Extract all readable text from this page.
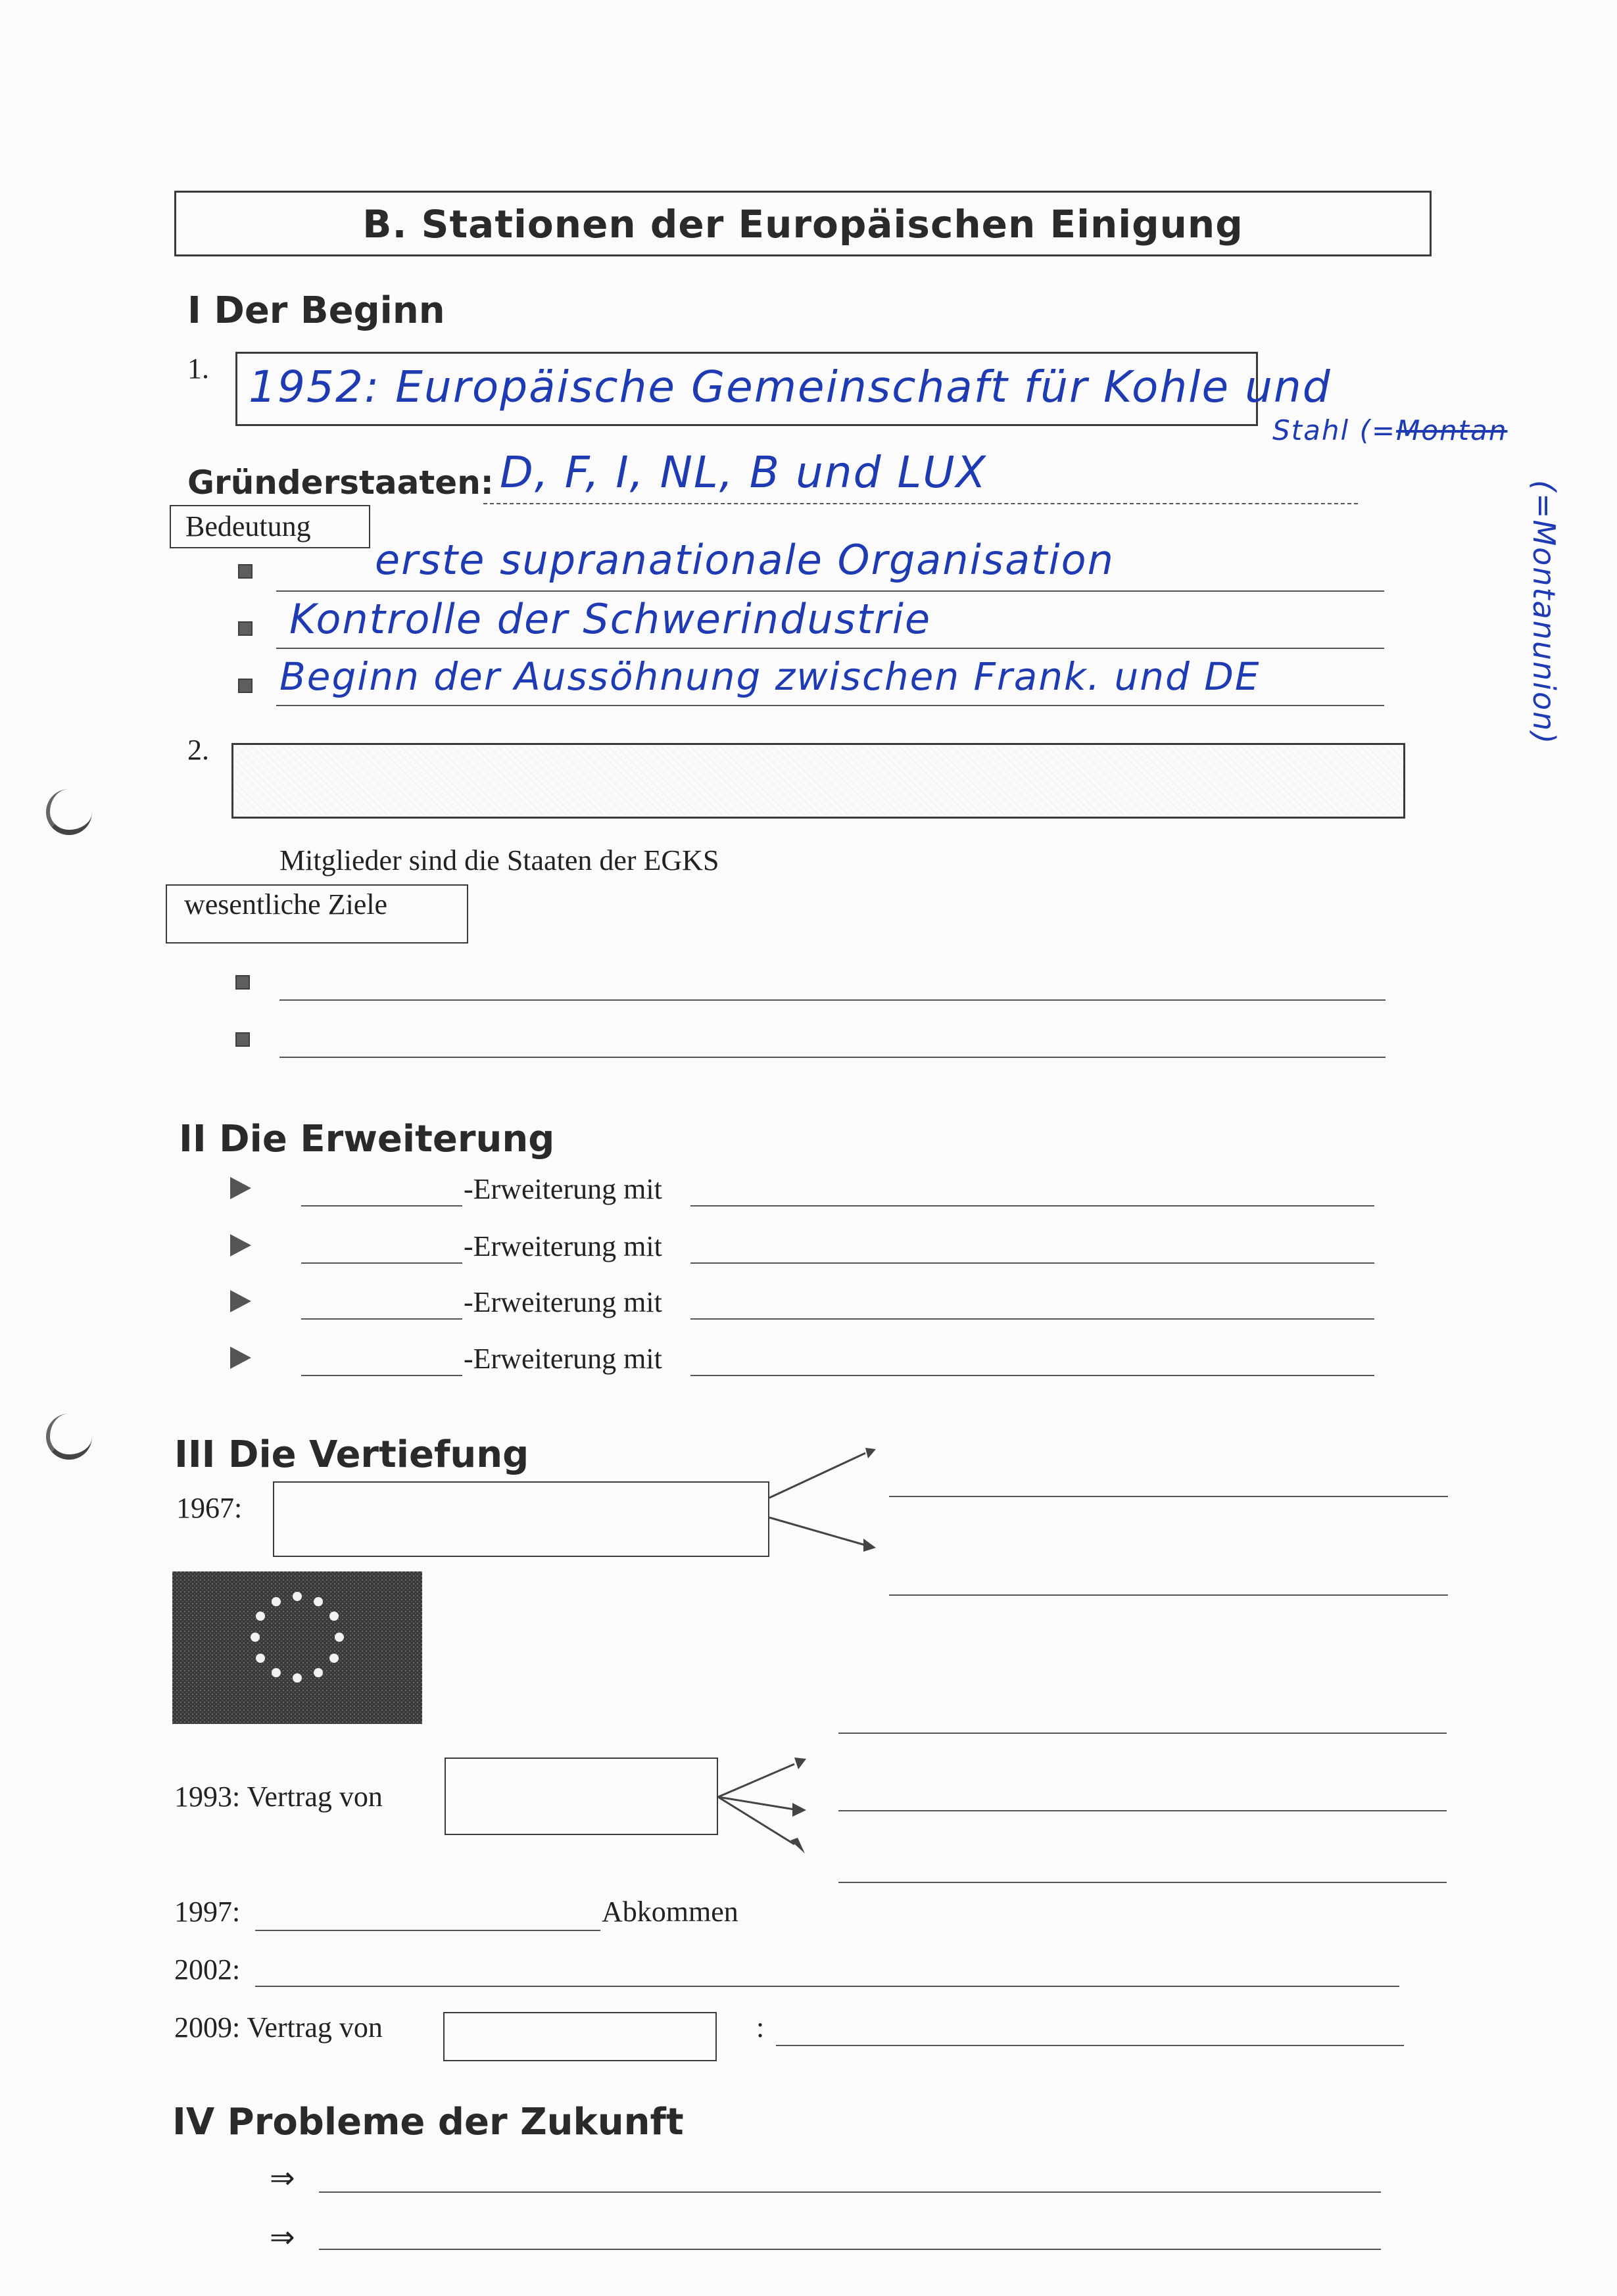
B. Stationen der Europäischen Einigung
I Der Beginn
1. 1952: Europäische Gemeinschaft für Kohle und
Stahl (=Montan
(=Montanunion)
Gründerstaaten: D, F, I, NL, B und LUX
Bedeutung
erste supranationale Organisation
Kontrolle der Schwerindustrie
Beginn der Aussöhnung zwischen Frank. und DE
2.
Mitglieder sind die Staaten der EGKS
wesentliche Ziele
II Die Erweiterung
-Erweiterung mit
-Erweiterung mit
-Erweiterung mit
-Erweiterung mit
III Die Vertiefung
1967:
1993: Vertrag von
1997:	Abkommen
2002:
2009: Vertrag von	:
IV Probleme der Zukunft
⇒
⇒
